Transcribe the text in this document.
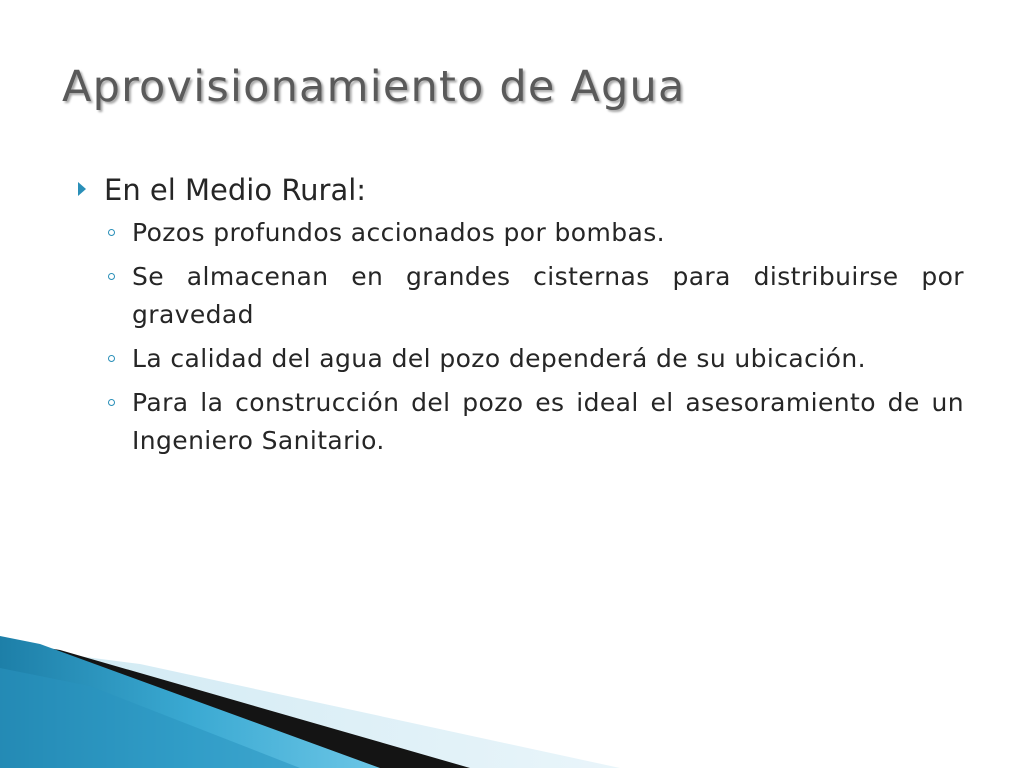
Aprovisionamiento de Agua
En el Medio Rural:
Pozos profundos accionados por bombas.
Se almacenan en grandes cisternas para distribuirse por gravedad
La calidad del agua del pozo dependerá de su ubicación.
Para la construcción del pozo es ideal el asesoramiento de un Ingeniero Sanitario.
